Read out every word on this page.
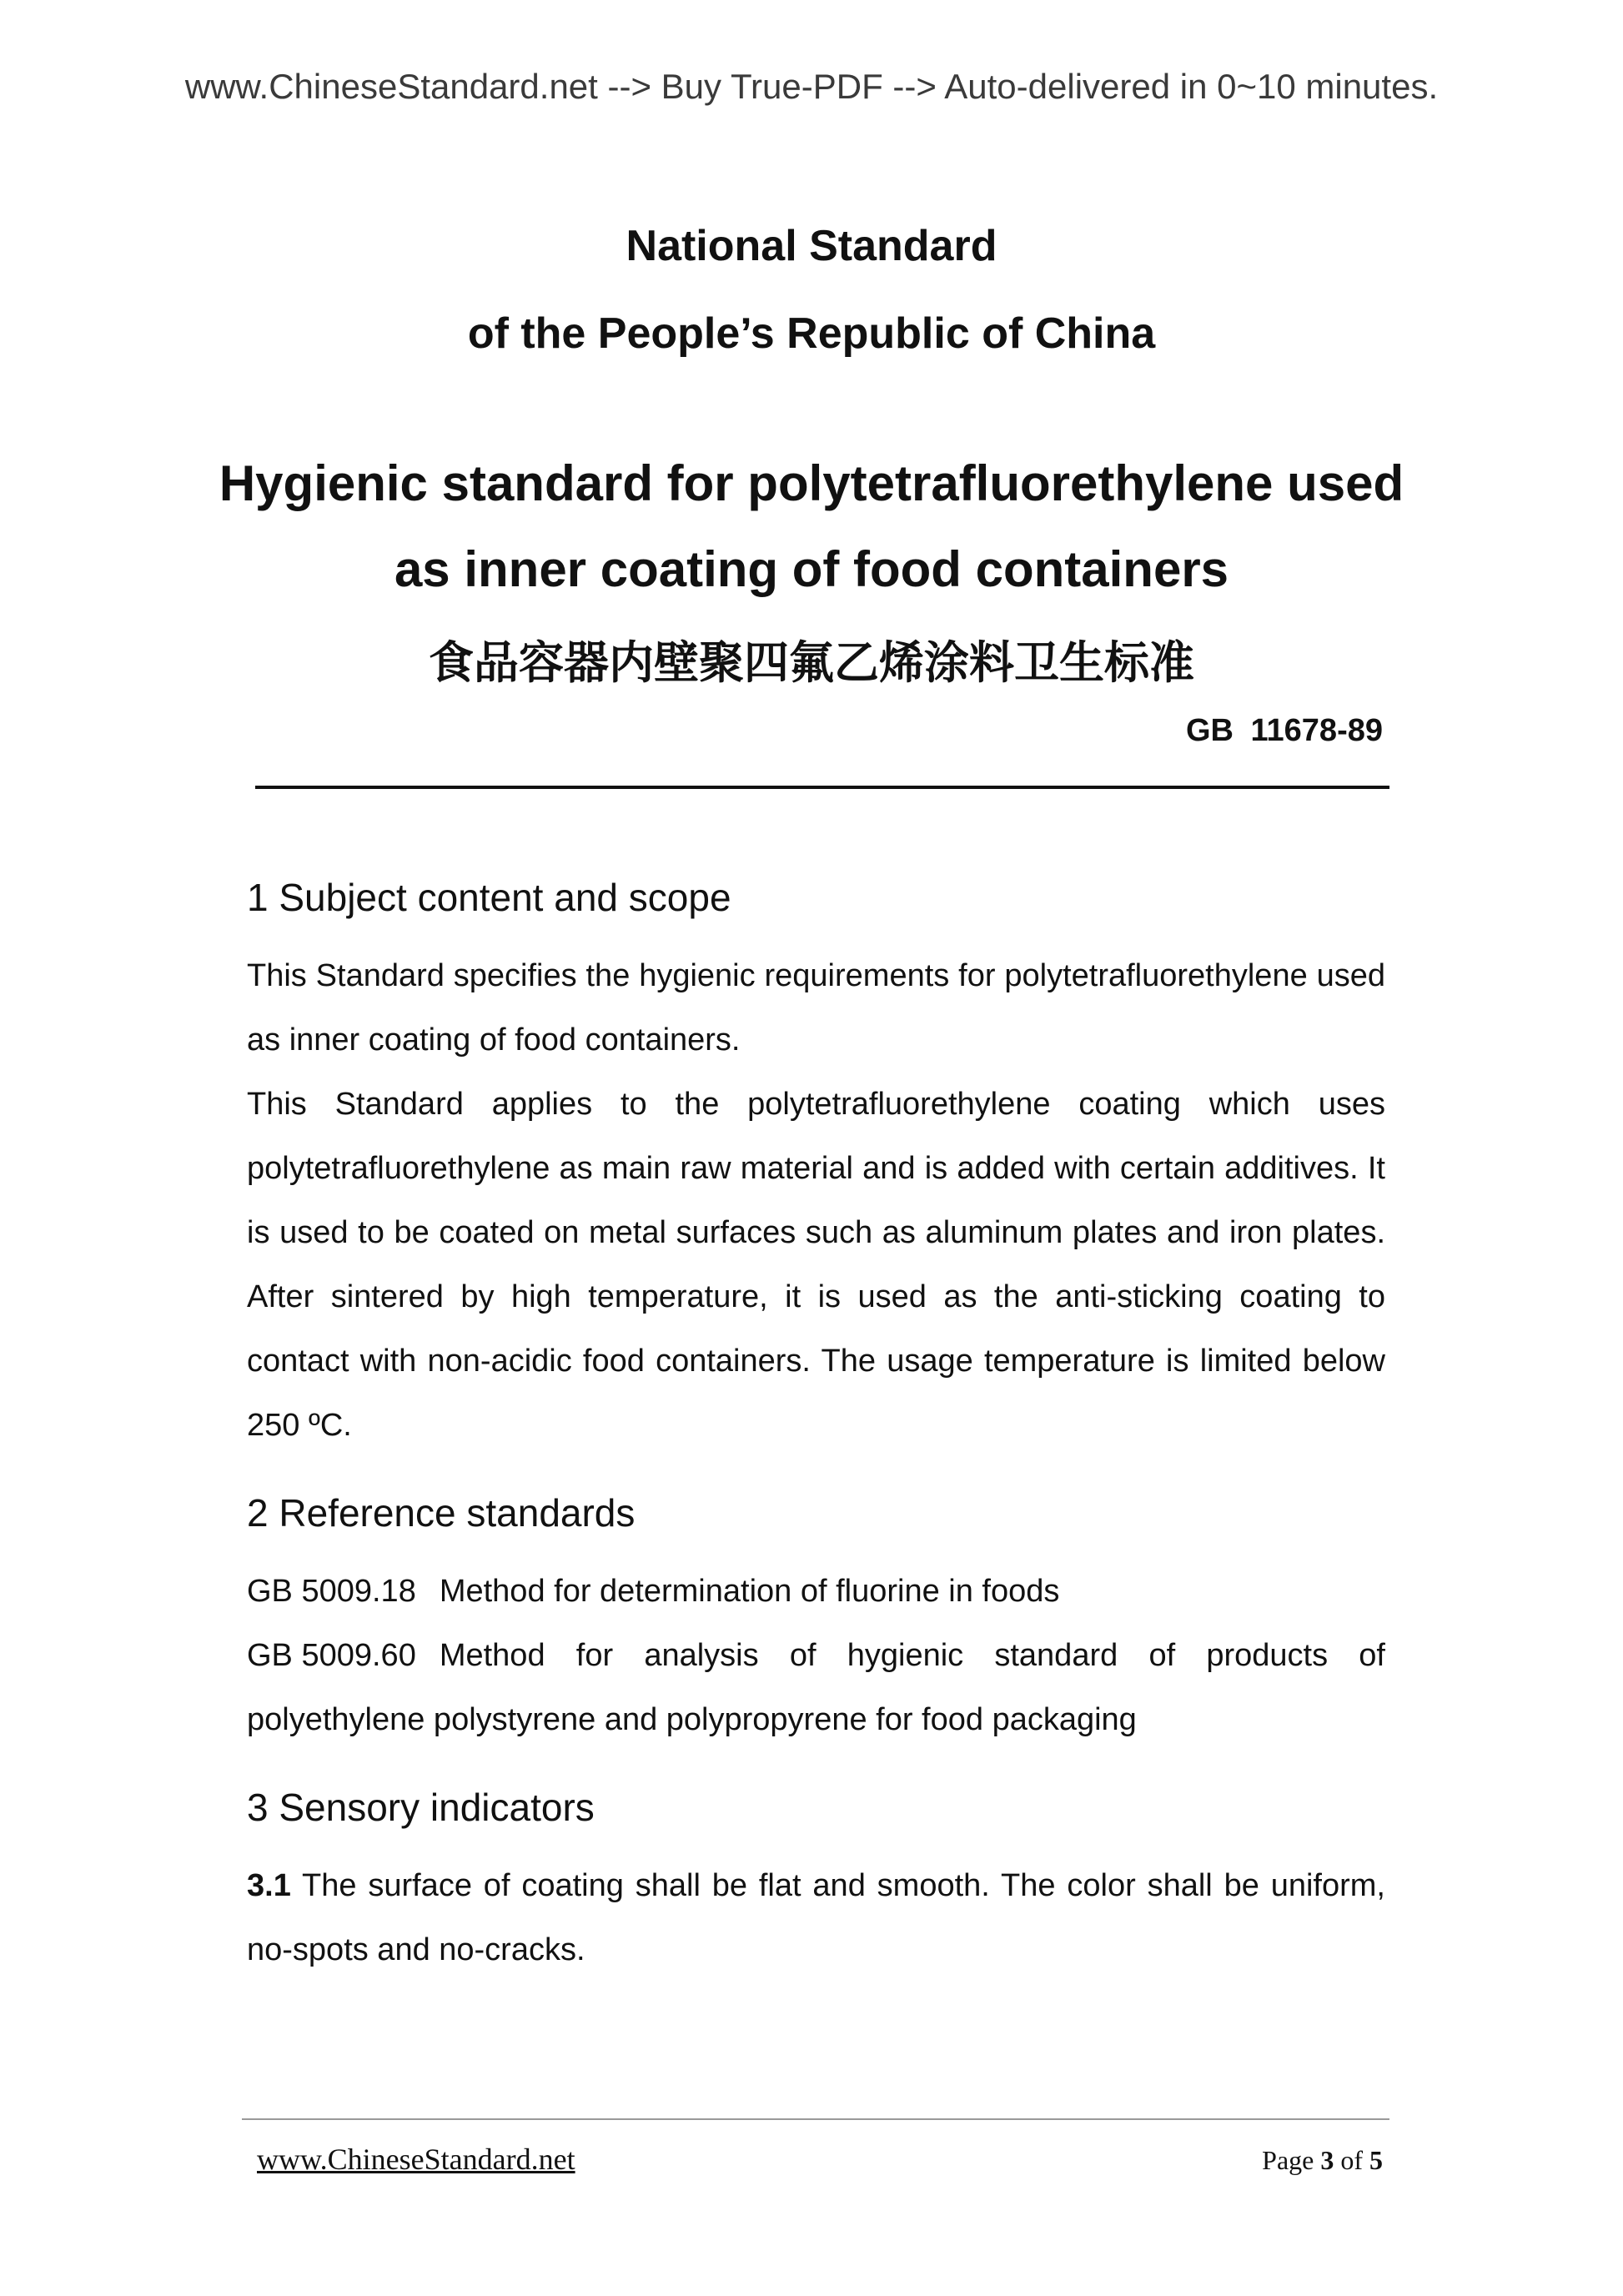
www.ChineseStandard.net --> Buy True-PDF --> Auto-delivered in 0~10 minutes.
National Standard
of the People’s Republic of China
Hygienic standard for polytetrafluorethylene used
as inner coating of food containers
食品容器内壁聚四氟乙烯涂料卫生标准
GB 11678-89
1 Subject content and scope

This Standard specifies the hygienic requirements for polytetrafluorethylene used as inner coating of food containers.

This Standard applies to the polytetrafluorethylene coating which uses polytetrafluorethylene as main raw material and is added with certain additives. It is used to be coated on metal surfaces such as aluminum plates and iron plates. After sintered by high temperature, it is used as the anti-sticking coating to contact with non-acidic food containers. The usage temperature is limited below 250 ºC.

2 Reference standards

GB 5009.18 Method for determination of fluorine in foods

GB 5009.60 Method for analysis of hygienic standard of products of polyethylene polystyrene and polypropyrene for food packaging

3 Sensory indicators

3.1 The surface of coating shall be flat and smooth. The color shall be uniform, no-spots and no-cracks.

www.ChineseStandard.net	Page 3 of 5
